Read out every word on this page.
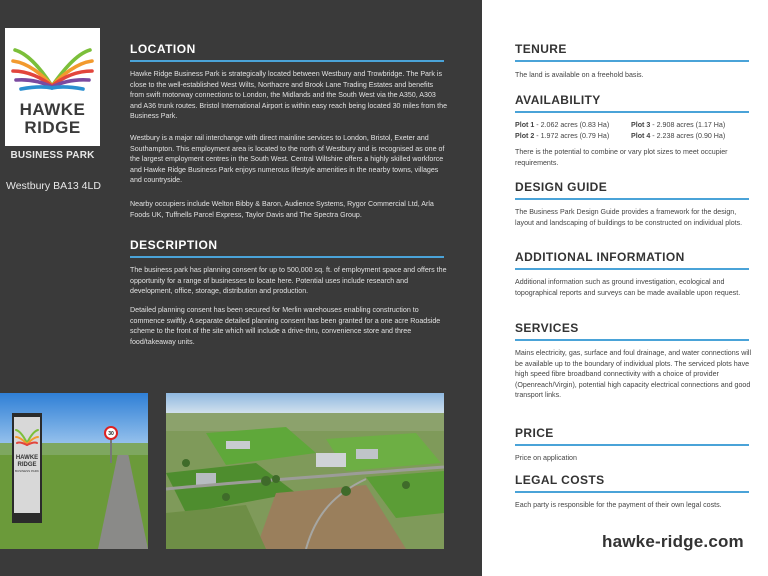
HAWKE
RIDGE
BUSINESS PARK
Westbury BA13 4LD
LOCATION

Hawke Ridge Business Park is strategically located between Westbury and Trowbridge. The Park is close to the well-established West Wilts, Northacre and Brook Lane Trading Estates and benefits from swift motorway connections to London, the Midlands and the South West via the A350, A303 and A36 trunk routes. Bristol International Airport is within easy reach being located 30 miles from the Business Park.

Westbury is a major rail interchange with direct mainline services to London, Bristol, Exeter and Southampton. This employment area is located to the north of Westbury and is recognised as one of the largest employment centres in the South West. Central Wiltshire offers a highly skilled workforce and Hawke Ridge Business Park enjoys numerous lifestyle amenities in the nearby towns, villages and countryside.

Nearby occupiers include Welton Bibby & Baron, Audience Systems, Rygor Commercial Ltd, Arla Foods UK, Tuffnells Parcel Express, Taylor Davis and The Spectra Group.

DESCRIPTION

The business park has planning consent for up to 500,000 sq. ft. of employment space and offers the opportunity for a range of businesses to locate here. Potential uses include research and development, office, storage, distribution and production.

Detailed planning consent has been secured for Merlin warehouses enabling construction to commence swiftly. A separate detailed planning consent has been granted for a one acre Roadside scheme to the front of the site which will include a drive-thru, convenience store and three food/takeaway units.

HAWKE
RIDGE
BUSINESS PARK
30
TENURE

The land is available on a freehold basis.

AVAILABILITY
Plot 1 - 2.062 acres (0.83 Ha)	Plot 3 - 2.908 acres (1.17 Ha)
Plot 2 - 1.972 acres (0.79 Ha)	Plot 4 - 2.238 acres (0.90 Ha)

There is the potential to combine or vary plot sizes to meet occupier requirements.

DESIGN GUIDE

The Business Park Design Guide provides a framework for the design, layout and landscaping of buildings to be constructed on individual plots.

ADDITIONAL INFORMATION

Additional information such as ground investigation, ecological and topographical reports and surveys can be made available upon request.

SERVICES

Mains electricity, gas, surface and foul drainage, and water connections will be available up to the boundary of individual plots. The serviced plots have high speed fibre broadband connectivity with a choice of provider (Openreach/Virgin), potential high capacity electrical connections and good transport links.

PRICE

Price on application

LEGAL COSTS

Each party is responsible for the payment of their own legal costs.

hawke-ridge.com
